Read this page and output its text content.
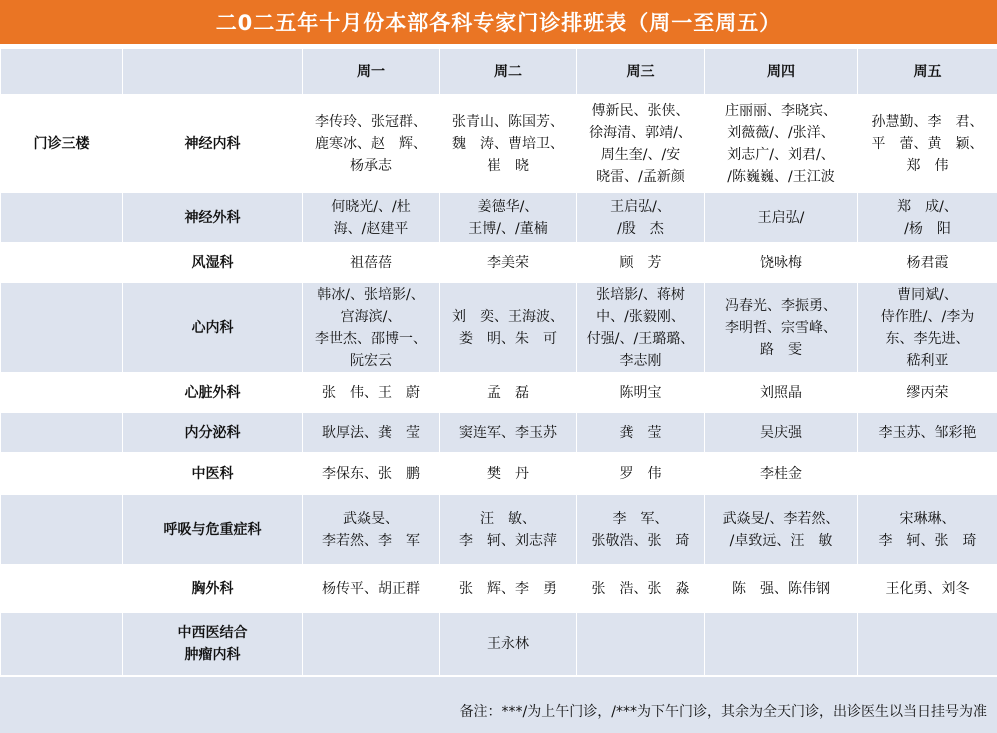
二0二五年十月份本部各科专家门诊排班表（周一至周五）
		周一	周二	周三	周四	周五
门诊三楼	神经内科	李传玲、张冠群、
鹿寒冰、赵　辉、
杨承志	张青山、陈国芳、
魏　涛、曹培卫、
崔　晓	傅新民、张侠、
徐海清、郭靖/、
周生奎/、/安
晓雷、/孟新颜	庄丽丽、李晓宾、
刘薇薇/、/张洋、
刘志广/、刘君/、
/陈巍巍、/王江波	孙慧勤、李　君、
平　蕾、黄　颖、
郑　伟

	神经外科	何晓光/、/杜
海、/赵建平	姜德华/、
王博/、/董楠	王启弘/、
/殷　杰	王启弘/	郑　成/、
/杨　阳

	风湿科	祖蓓蓓	李美荣	顾　芳	饶咏梅	杨君霞

	心内科	韩冰/、张培影/、
宫海滨/、
李世杰、邵博一、
阮宏云	刘　奕、王海波、
娄　明、朱　可	张培影/、蒋树
中、/张毅刚、
付强/、/王璐璐、
李志刚	冯春光、李振勇、
李明哲、宗雪峰、
路　雯	曹同斌/、
侍作胜/、/李为
东、李先进、
嵇利亚

	心脏外科	张　伟、王　蔚	孟　磊	陈明宝	刘照晶	缪丙荣

	内分泌科	耿厚法、龚　莹	窦连军、李玉苏	龚　莹	吴庆强	李玉苏、邹彩艳

	中医科	李保东、张　鹏	樊　丹	罗　伟	李桂金	

	呼吸与危重症科	武焱旻、
李若然、李　军	汪　敏、
李　轲、刘志萍	李　军、
张敬浩、张　琦	武焱旻/、李若然、
/卓致远、汪　敏	宋琳琳、
李　轲、张　琦

	胸外科	杨传平、胡正群	张　辉、李　勇	张　浩、张　淼	陈　强、陈伟钢	王化勇、刘冬

	中西医结合
肿瘤内科		王永林			

备注：***/为上午门诊，/***为下午门诊，其余为全天门诊，出诊医生以当日挂号为准
